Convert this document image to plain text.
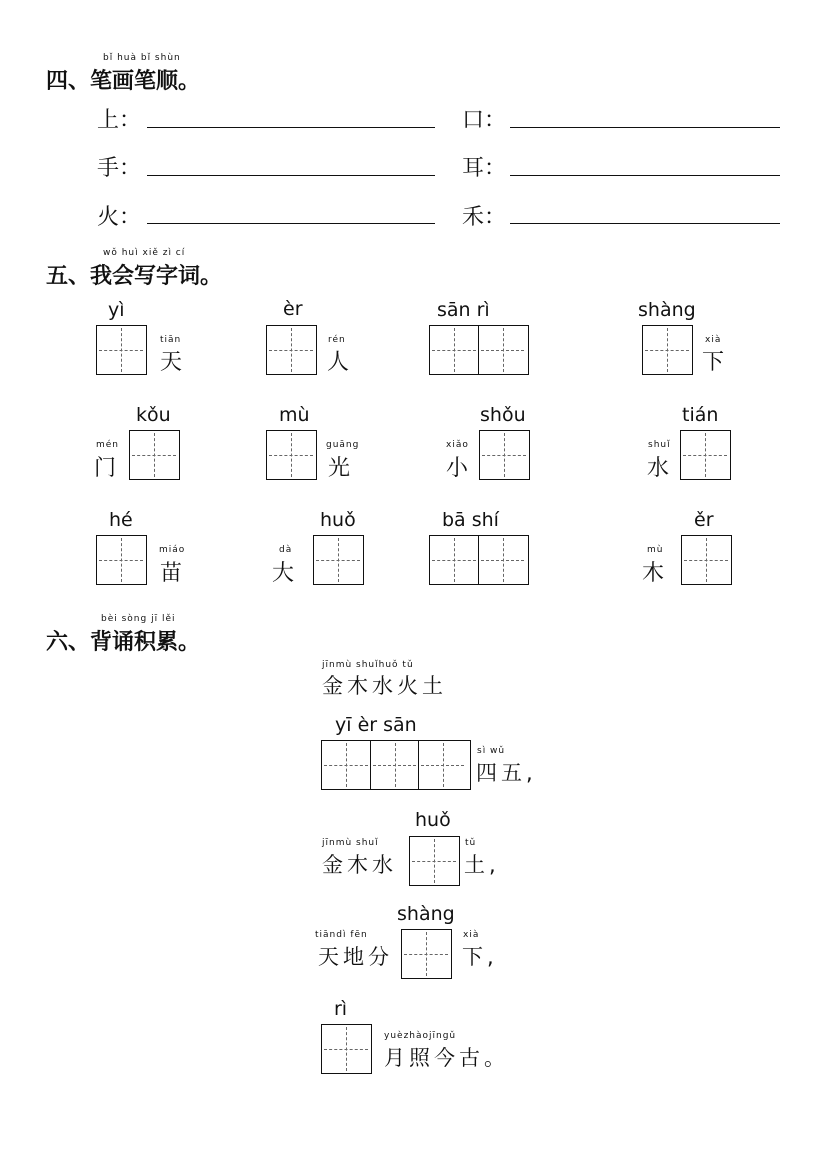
bǐ huà bǐ shùn
四、笔画笔顺。
上：	口：
手：	耳：
火：	禾：
wǒ huì xiě zì cí
五、我会写字词。
yì
tiān
天
èr
rén
人
sān rì	shàng
xià
下
kǒu
mén
门
mù
guāng
光
shǒu
xiǎo
小
tián
shuǐ
水
hé
miáo
苗
huǒ
dà
大
bā shí	ěr
mù
木
bèi sòng jī lěi
六、背诵积累。
jīnmù shuǐhuǒ tǔ
金木水火土
yī èr sān
sì wǔ
四五,
jīnmù shuǐ
金木水
huǒ
tǔ
土,
tiāndì fēn
天地分
shàng
xià
下,
rì
yuèzhàojīngǔ
月照今古。
